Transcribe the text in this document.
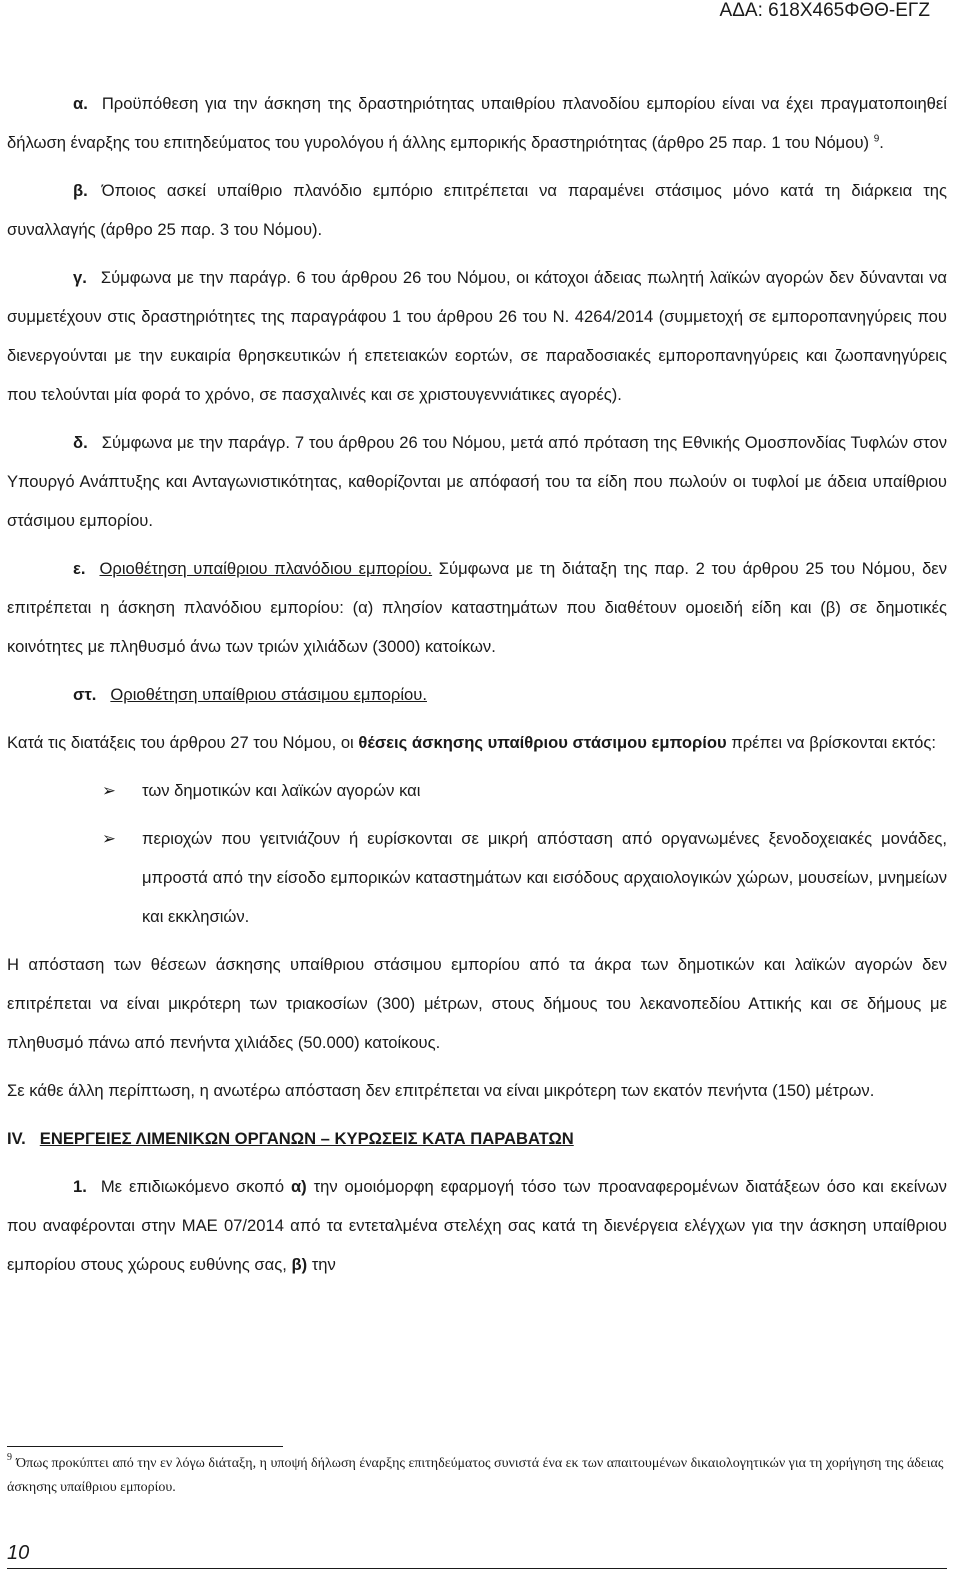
ΑΔΑ: 618Χ465ΦΘΘ-ΕΓΖ

α. Προϋπόθεση για την άσκηση της δραστηριότητας υπαιθρίου πλανοδίου εμπορίου είναι να έχει πραγματοποιηθεί δήλωση έναρξης του επιτηδεύματος του γυρολόγου ή άλλης εμπορικής δραστηριότητας (άρθρο 25 παρ. 1 του Νόμου) $^9$.

β. Όποιος ασκεί υπαίθριο πλανόδιο εμπόριο επιτρέπεται να παραμένει στάσιμος μόνο κατά τη διάρκεια της συναλλαγής (άρθρο 25 παρ. 3 του Νόμου).

γ. Σύμφωνα με την παράγρ. 6 του άρθρου 26 του Νόμου, οι κάτοχοι άδειας πωλητή λαϊκών αγορών δεν δύνανται να συμμετέχουν στις δραστηριότητες της παραγράφου 1 του άρθρου 26 του Ν. 4264/2014 (συμμετοχή σε εμποροπανηγύρεις που διενεργούνται με την ευκαιρία θρησκευτικών ή επετειακών εορτών, σε παραδοσιακές εμποροπανηγύρεις και ζωοπανηγύρεις που τελούνται μία φορά το χρόνο, σε πασχαλινές και σε χριστουγεννιάτικες αγορές).

δ. Σύμφωνα με την παράγρ. 7 του άρθρου 26 του Νόμου, μετά από πρόταση της Εθνικής Ομοσπονδίας Τυφλών στον Υπουργό Ανάπτυξης και Ανταγωνιστικότητας, καθορίζονται με απόφασή του τα είδη που πωλούν οι τυφλοί με άδεια υπαίθριου στάσιμου εμπορίου.

ε. Οριοθέτηση υπαίθριου πλανόδιου εμπορίου. Σύμφωνα με τη διάταξη της παρ. 2 του άρθρου 25 του Νόμου, δεν επιτρέπεται η άσκηση πλανόδιου εμπορίου: (α) πλησίον καταστημάτων που διαθέτουν ομοειδή είδη και (β) σε δημοτικές κοινότητες με πληθυσμό άνω των τριών χιλιάδων (3000) κατοίκων.

στ. Οριοθέτηση υπαίθριου στάσιμου εμπορίου.

Κατά τις διατάξεις του άρθρου 27 του Νόμου, οι θέσεις άσκησης υπαίθριου στάσιμου εμπορίου πρέπει να βρίσκονται εκτός:

➢ των δημοτικών και λαϊκών αγορών και
➢ περιοχών που γειτνιάζουν ή ευρίσκονται σε μικρή απόσταση από οργανωμένες ξενοδοχειακές μονάδες, μπροστά από την είσοδο εμπορικών καταστημάτων και εισόδους αρχαιολογικών χώρων, μουσείων, μνημείων και εκκλησιών.

Η απόσταση των θέσεων άσκησης υπαίθριου στάσιμου εμπορίου από τα άκρα των δημοτικών και λαϊκών αγορών δεν επιτρέπεται να είναι μικρότερη των τριακοσίων (300) μέτρων, στους δήμους του λεκανοπεδίου Αττικής και σε δήμους με πληθυσμό πάνω από πενήντα χιλιάδες (50.000) κατοίκους.

Σε κάθε άλλη περίπτωση, η ανωτέρω απόσταση δεν επιτρέπεται να είναι μικρότερη των εκατόν πενήντα (150) μέτρων.

IV. ΕΝΕΡΓΕΙΕΣ ΛΙΜΕΝΙΚΩΝ ΟΡΓΑΝΩΝ – ΚΥΡΩΣΕΙΣ ΚΑΤΑ ΠΑΡΑΒΑΤΩΝ

1. Με επιδιωκόμενο σκοπό α) την ομοιόμορφη εφαρμογή τόσο των προαναφερομένων διατάξεων όσο και εκείνων που αναφέρονται στην ΜΑΕ 07/2014 από τα εντεταλμένα στελέχη σας κατά τη διενέργεια ελέγχων για την άσκηση υπαίθριου εμπορίου στους χώρους ευθύνης σας, β) την

$^9$ Όπως προκύπτει από την εν λόγω διάταξη, η υποψή δήλωση έναρξης επιτηδεύματος συνιστά ένα εκ των απαιτουμένων δικαιολογητικών για τη χορήγηση της άδειας άσκησης υπαίθριου εμπορίου.
10
